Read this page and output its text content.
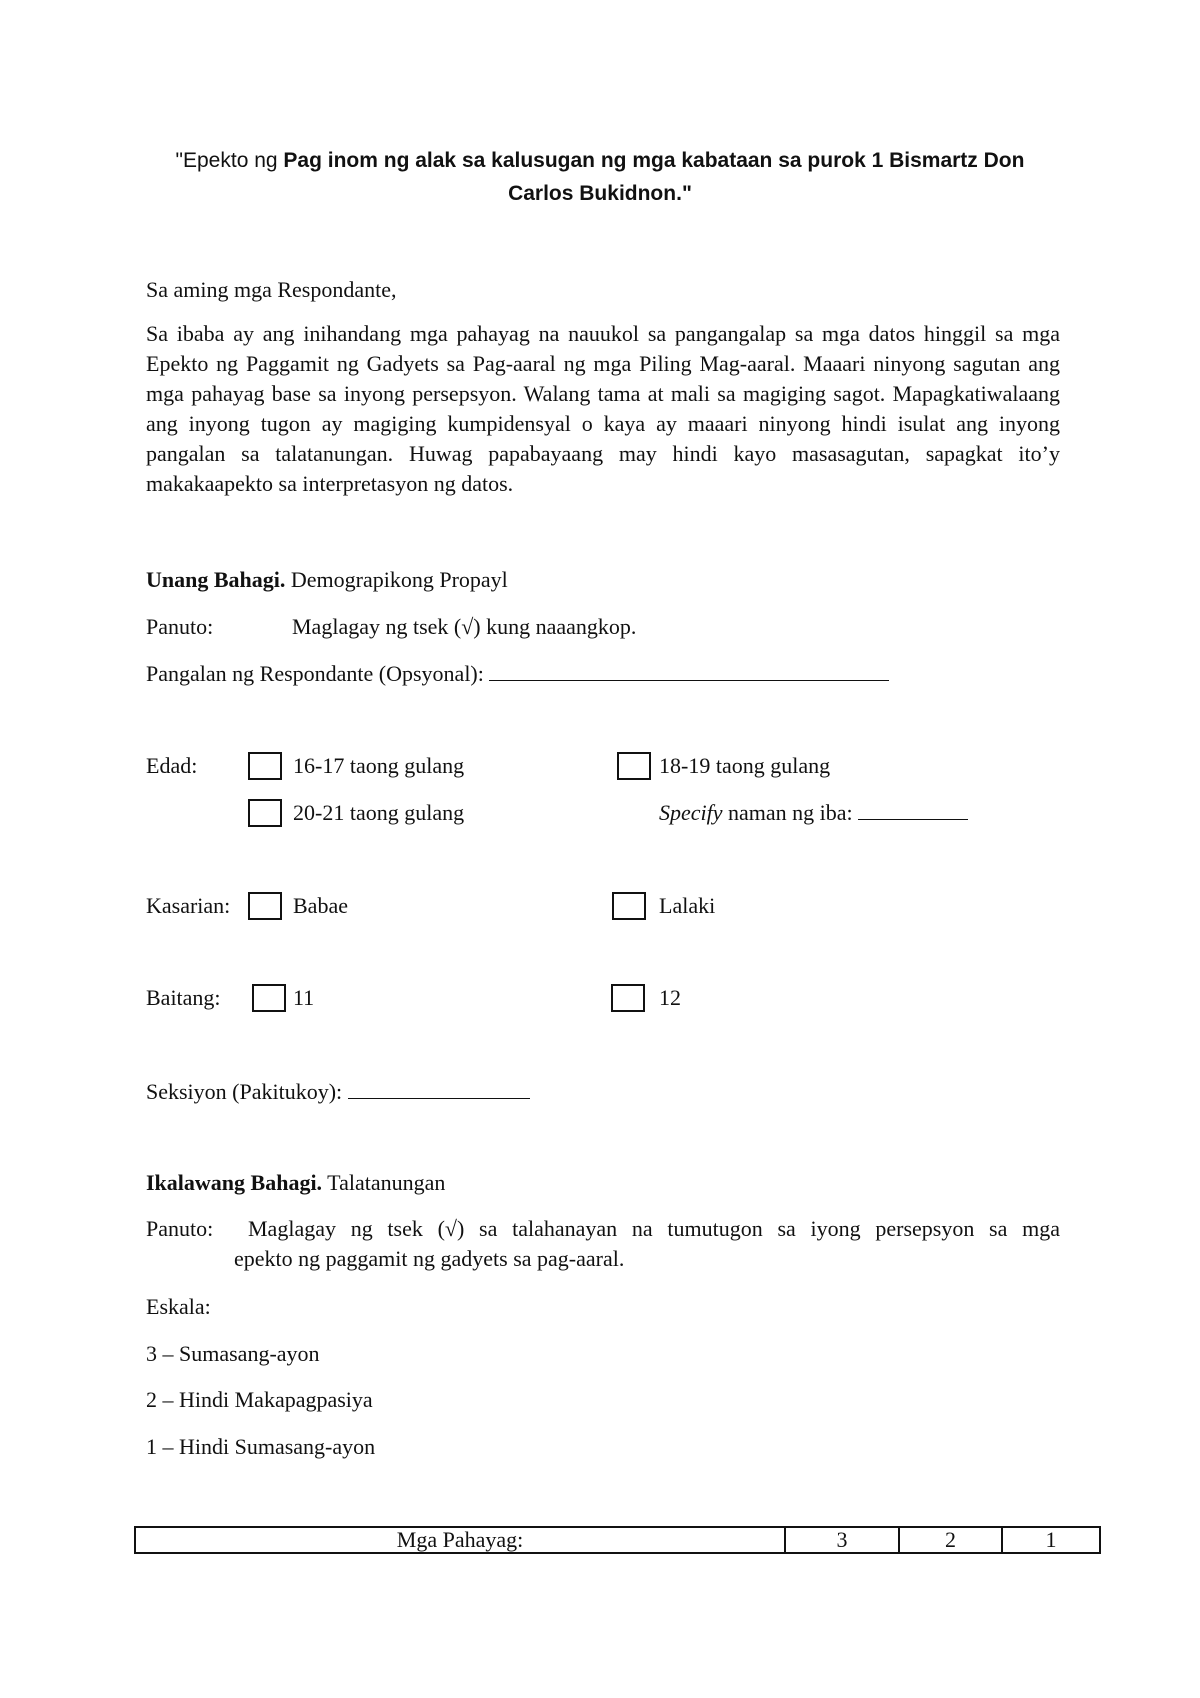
"Epekto ng Pag inom ng alak sa kalusugan ng mga kabataan sa purok 1 Bismartz Don Carlos Bukidnon."
Sa aming mga Respondante,
Sa ibaba ay ang inihandang mga pahayag na nauukol sa pangangalap sa mga datos hinggil sa mga Epekto ng Paggamit ng Gadyets sa Pag-aaral ng mga Piling Mag-aaral. Maaari ninyong sagutan ang mga pahayag base sa inyong persepsyon. Walang tama at mali sa magiging sagot. Mapagkatiwalaang ang inyong tugon ay magiging kumpidensyal o kaya ay maaari ninyong hindi isulat ang inyong pangalan sa talatanungan. Huwag papabayaang may hindi kayo masasagutan, sapagkat ito’y makakaapekto sa interpretasyon ng datos.
Unang Bahagi. Demograpikong Propayl
Panuto:	Maglagay ng tsek (√) kung naaangkop.
Pangalan ng Respondante (Opsyonal):
Edad:	16-17 taong gulang	18-19 taong gulang
20-21 taong gulang	Specify naman ng iba:
Kasarian:	Babae	Lalaki
Baitang:	11	12
Seksiyon (Pakitukoy):
Ikalawang Bahagi. Talatanungan
Panuto:	Maglagay ng tsek (√) sa talahanayan na tumutugon sa iyong persepsyon sa mga
epekto ng paggamit ng gadyets sa pag-aaral.
Eskala:
3 – Sumasang-ayon
2 – Hindi Makapagpasiya
1 – Hindi Sumasang-ayon
Mga Pahayag:	3	2	1
